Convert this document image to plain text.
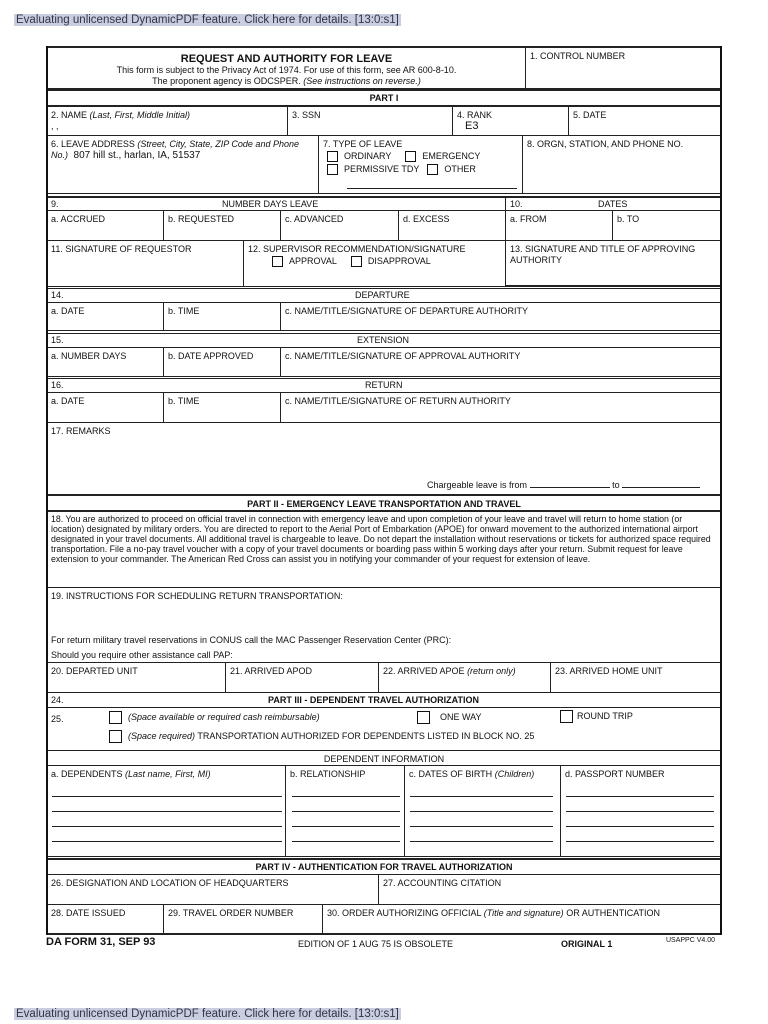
Evaluating unlicensed DynamicPDF feature. Click here for details. [13:0:s1]
REQUEST AND AUTHORITY FOR LEAVE
This form is subject to the Privacy Act of 1974. For use of this form, see AR 600-8-10.
The proponent agency is ODCSPER. (See instructions on reverse.)
1. CONTROL NUMBER
PART I
2. NAME (Last, First, Middle Initial)
, ,
3. SSN	4. RANK
E3
5. DATE
6. LEAVE ADDRESS (Street, City, State, ZIP Code and Phone No.) 807 hill st., harlan, IA, 51537
7. TYPE OF LEAVE
ORDINARY	EMERGENCY
PERMISSIVE TDY	OTHER
8. ORGN, STATION, AND PHONE NO.
9.	NUMBER DAYS LEAVE	10.	DATES
a. ACCRUED	b. REQUESTED	c. ADVANCED	d. EXCESS	a. FROM	b. TO
11. SIGNATURE OF REQUESTOR	12. SUPERVISOR RECOMMENDATION/SIGNATURE
APPROVAL	DISAPPROVAL
13. SIGNATURE AND TITLE OF APPROVING AUTHORITY
14.	DEPARTURE
a. DATE	b. TIME	c. NAME/TITLE/SIGNATURE OF DEPARTURE AUTHORITY
15.	EXTENSION
a. NUMBER DAYS	b. DATE APPROVED	c. NAME/TITLE/SIGNATURE OF APPROVAL AUTHORITY
16.	RETURN
a. DATE	b. TIME	c. NAME/TITLE/SIGNATURE OF RETURN AUTHORITY
17. REMARKS
Chargeable leave is from	to
PART II - EMERGENCY LEAVE TRANSPORTATION AND TRAVEL
18. You are authorized to proceed on official travel in connection with emergency leave and upon completion of your leave and travel will return to home station (or location) designated by military orders. You are directed to report to the Aerial Port of Embarkation (APOE) for onward movement to the authorized international airport designated in your travel documents. All additional travel is chargeable to leave. Do not depart the installation without reservations or tickets for authorized space required transportation. File a no-pay travel voucher with a copy of your travel documents or boarding pass within 5 working days after your return. Submit request for leave extension to your commander. The American Red Cross can assist you in notifying your commander of your request for extension of leave.
19. INSTRUCTIONS FOR SCHEDULING RETURN TRANSPORTATION:
For return military travel reservations in CONUS call the MAC Passenger Reservation Center (PRC):
Should you require other assistance call PAP:
20. DEPARTED UNIT	21. ARRIVED APOD	22. ARRIVED APOE (return only)	23. ARRIVED HOME UNIT
24.	PART III - DEPENDENT TRAVEL AUTHORIZATION
25.	(Space available or required cash reimbursable)	ONE WAY	ROUND TRIP
(Space required) TRANSPORTATION AUTHORIZED FOR DEPENDENTS LISTED IN BLOCK NO. 25
DEPENDENT INFORMATION
a. DEPENDENTS (Last name, First, MI)	b. RELATIONSHIP	c. DATES OF BIRTH (Children)	d. PASSPORT NUMBER
PART IV - AUTHENTICATION FOR TRAVEL AUTHORIZATION
26. DESIGNATION AND LOCATION OF HEADQUARTERS	27. ACCOUNTING CITATION
28. DATE ISSUED	29. TRAVEL ORDER NUMBER	30. ORDER AUTHORIZING OFFICIAL (Title and signature) OR AUTHENTICATION
DA FORM 31, SEP 93	EDITION OF 1 AUG 75 IS OBSOLETE	ORIGINAL 1	USAPPC V4.00
Evaluating unlicensed DynamicPDF feature. Click here for details. [13:0:s1]
